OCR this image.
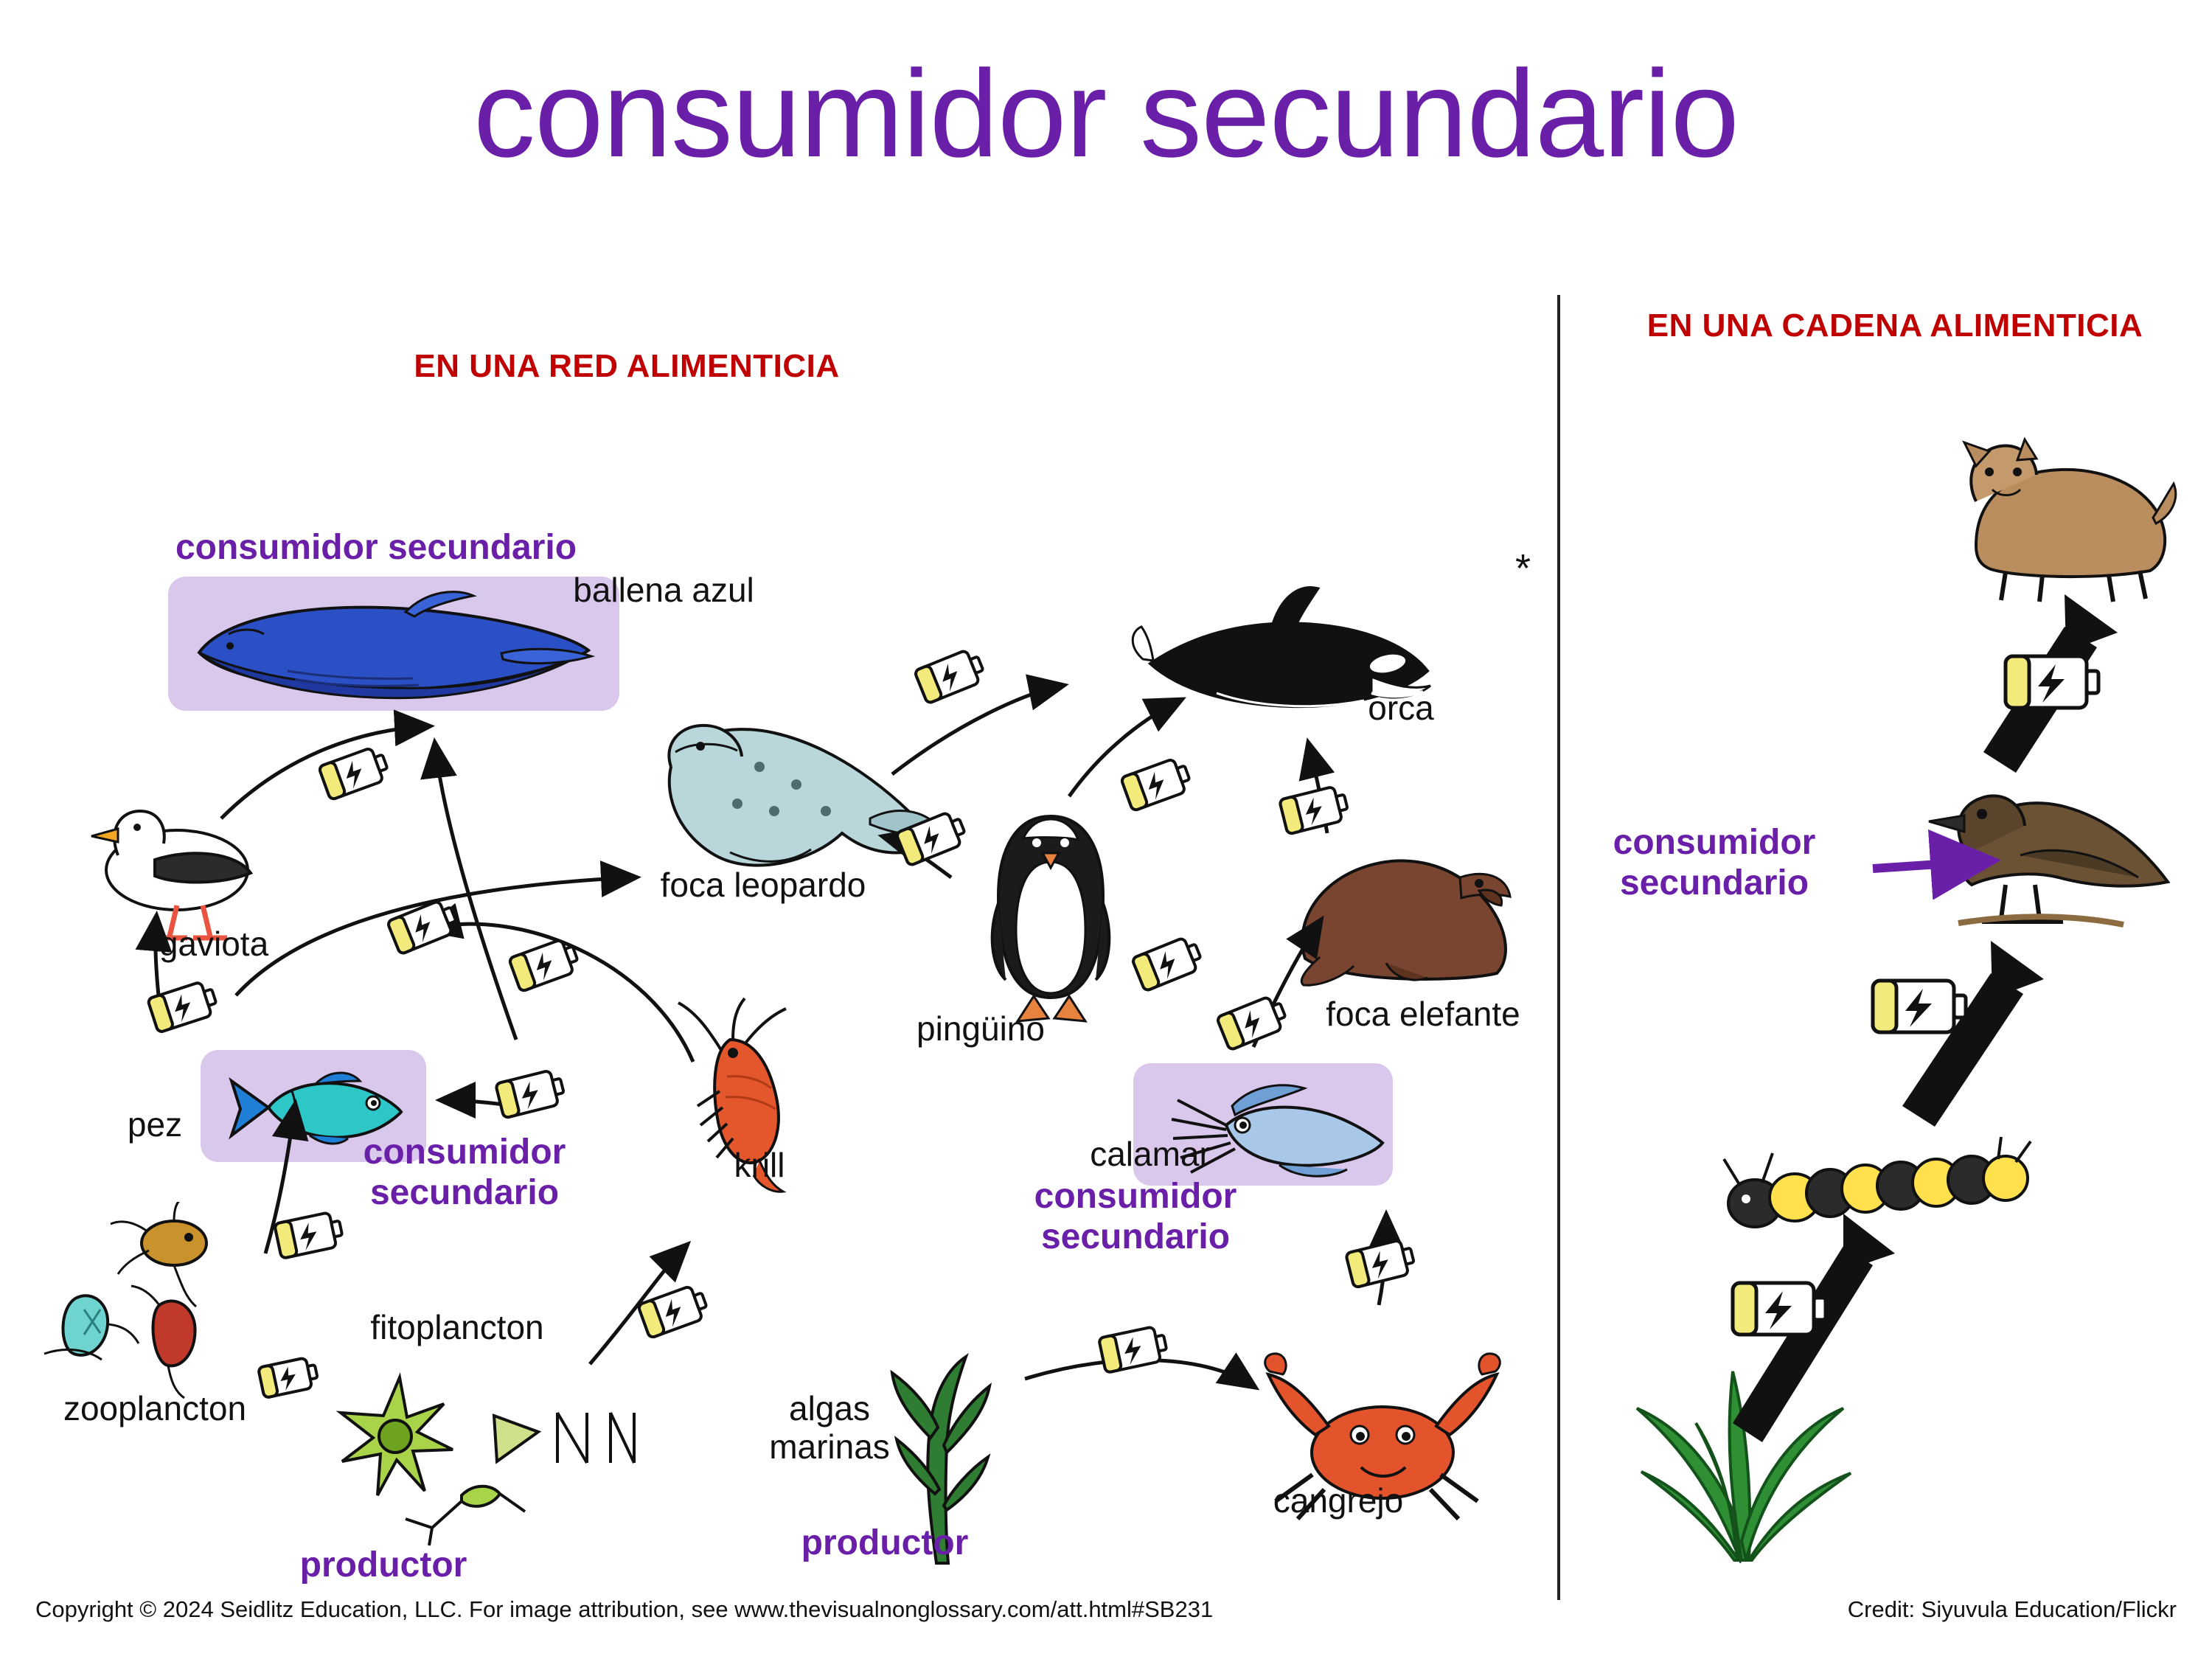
consumidor secundario
EN UNA RED ALIMENTICIA
EN UNA CADENA ALIMENTICIA
*
consumidor secundario
consumidor secundario	consumidor secundario
productor
productor
consumidor secundario
ballena azul
orca
gaviota
foca leopardo
pingüino	foca elefante
pez
krill	calamar
zooplancton
fitoplancton
algas marinas
cangrejo
Copyright © 2024 Seidlitz Education, LLC. For image attribution, see www.thevisualnonglossary.com/att.html#SB231	Credit: Siyuvula Education/Flickr
